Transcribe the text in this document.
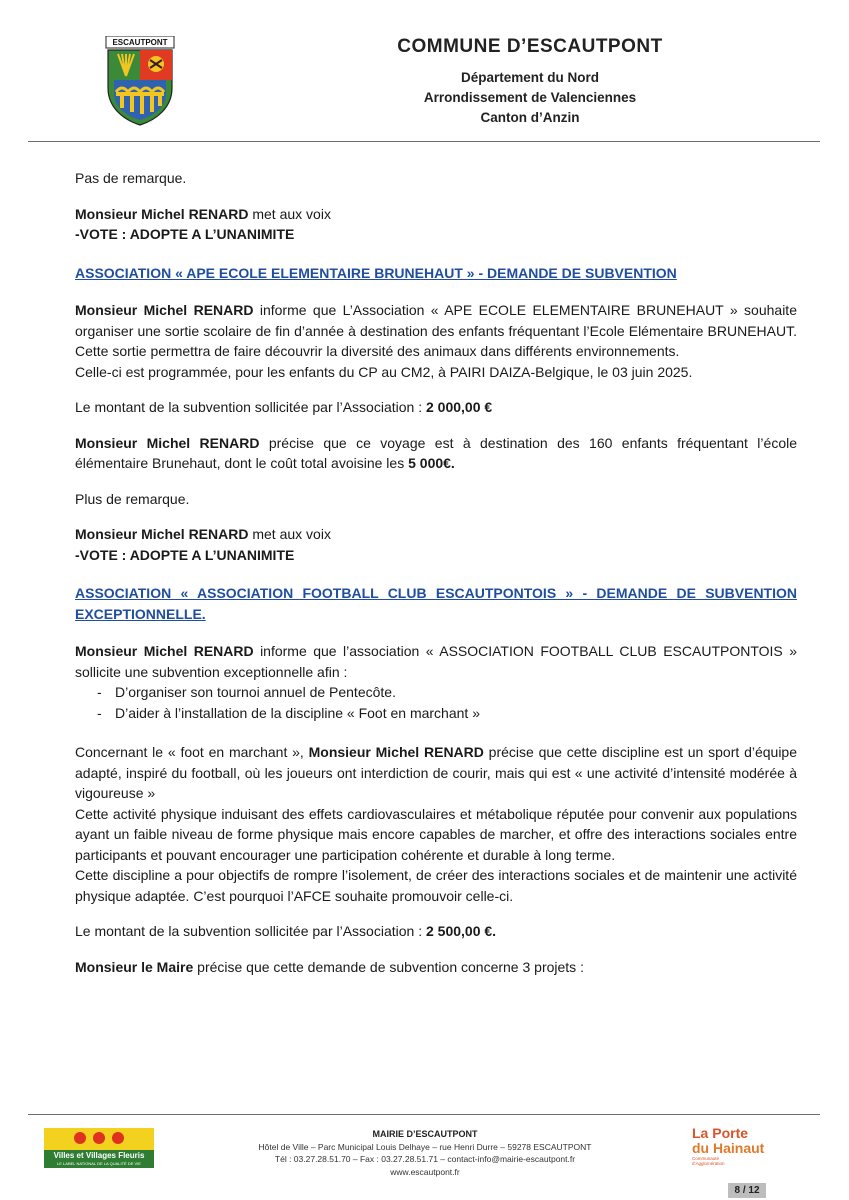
ESCAUTPONT	COMMUNE D’ESCAUTPONT

Département du Nord

Arrondissement de Valenciennes

Canton d’Anzin

Pas de remarque.

Monsieur Michel RENARD met aux voix

-VOTE : ADOPTE A L’UNANIMITE

ASSOCIATION « APE ECOLE ELEMENTAIRE BRUNEHAUT » - DEMANDE DE SUBVENTION

Monsieur Michel RENARD informe que L’Association « APE ECOLE ELEMENTAIRE BRUNEHAUT » souhaite organiser une sortie scolaire de fin d’année à destination des enfants fréquentant l’Ecole Elémentaire BRUNEHAUT. Cette sortie permettra de faire découvrir la diversité des animaux dans différents environnements.

Celle-ci est programmée, pour les enfants du CP au CM2, à PAIRI DAIZA-Belgique, le 03 juin 2025.

Le montant de la subvention sollicitée par l’Association : 2 000,00 €

Monsieur Michel RENARD précise que ce voyage est à destination des 160 enfants fréquentant l’école élémentaire Brunehaut, dont le coût total avoisine les 5 000€.

Plus de remarque.

Monsieur Michel RENARD met aux voix

-VOTE : ADOPTE A L’UNANIMITE

ASSOCIATION « ASSOCIATION FOOTBALL CLUB ESCAUTPONTOIS » - DEMANDE DE SUBVENTION EXCEPTIONNELLE.

Monsieur Michel RENARD informe que l’association « ASSOCIATION FOOTBALL CLUB ESCAUTPONTOIS » sollicite une subvention exceptionnelle afin :

- D’organiser son tournoi annuel de Pentecôte.
- D’aider à l’installation de la discipline « Foot en marchant »

Concernant le « foot en marchant », Monsieur Michel RENARD précise que cette discipline est un sport d’équipe adapté, inspiré du football, où les joueurs ont interdiction de courir, mais qui est « une activité d’intensité modérée à vigoureuse »

Cette activité physique induisant des effets cardiovasculaires et métabolique réputée pour convenir aux populations ayant un faible niveau de forme physique mais encore capables de marcher, et offre des interactions sociales entre participants et pouvant encourager une participation cohérente et durable à long terme.

Cette discipline a pour objectifs de rompre l’isolement, de créer des interactions sociales et de maintenir une activité physique adaptée. C’est pourquoi l’AFCE souhaite promouvoir celle-ci.

Le montant de la subvention sollicitée par l’Association : 2 500,00 €.

Monsieur le Maire précise que cette demande de subvention concerne 3 projets :

Villes et Villages Fleuris
LE LABEL NATIONAL DE LA QUALITÉ DE VIE
MAIRIE D’ESCAUTPONT
Hôtel de Ville – Parc Municipal Louis Delhaye – rue Henri Durre – 59278 ESCAUTPONT
Tél : 03.27.28.51.70 – Fax : 03.27.28.51.71 – contact-info@mairie-escautpont.fr
www.escautpont.fr
La Porte
du Hainaut
Communauté d’Agglomération
8 / 12
